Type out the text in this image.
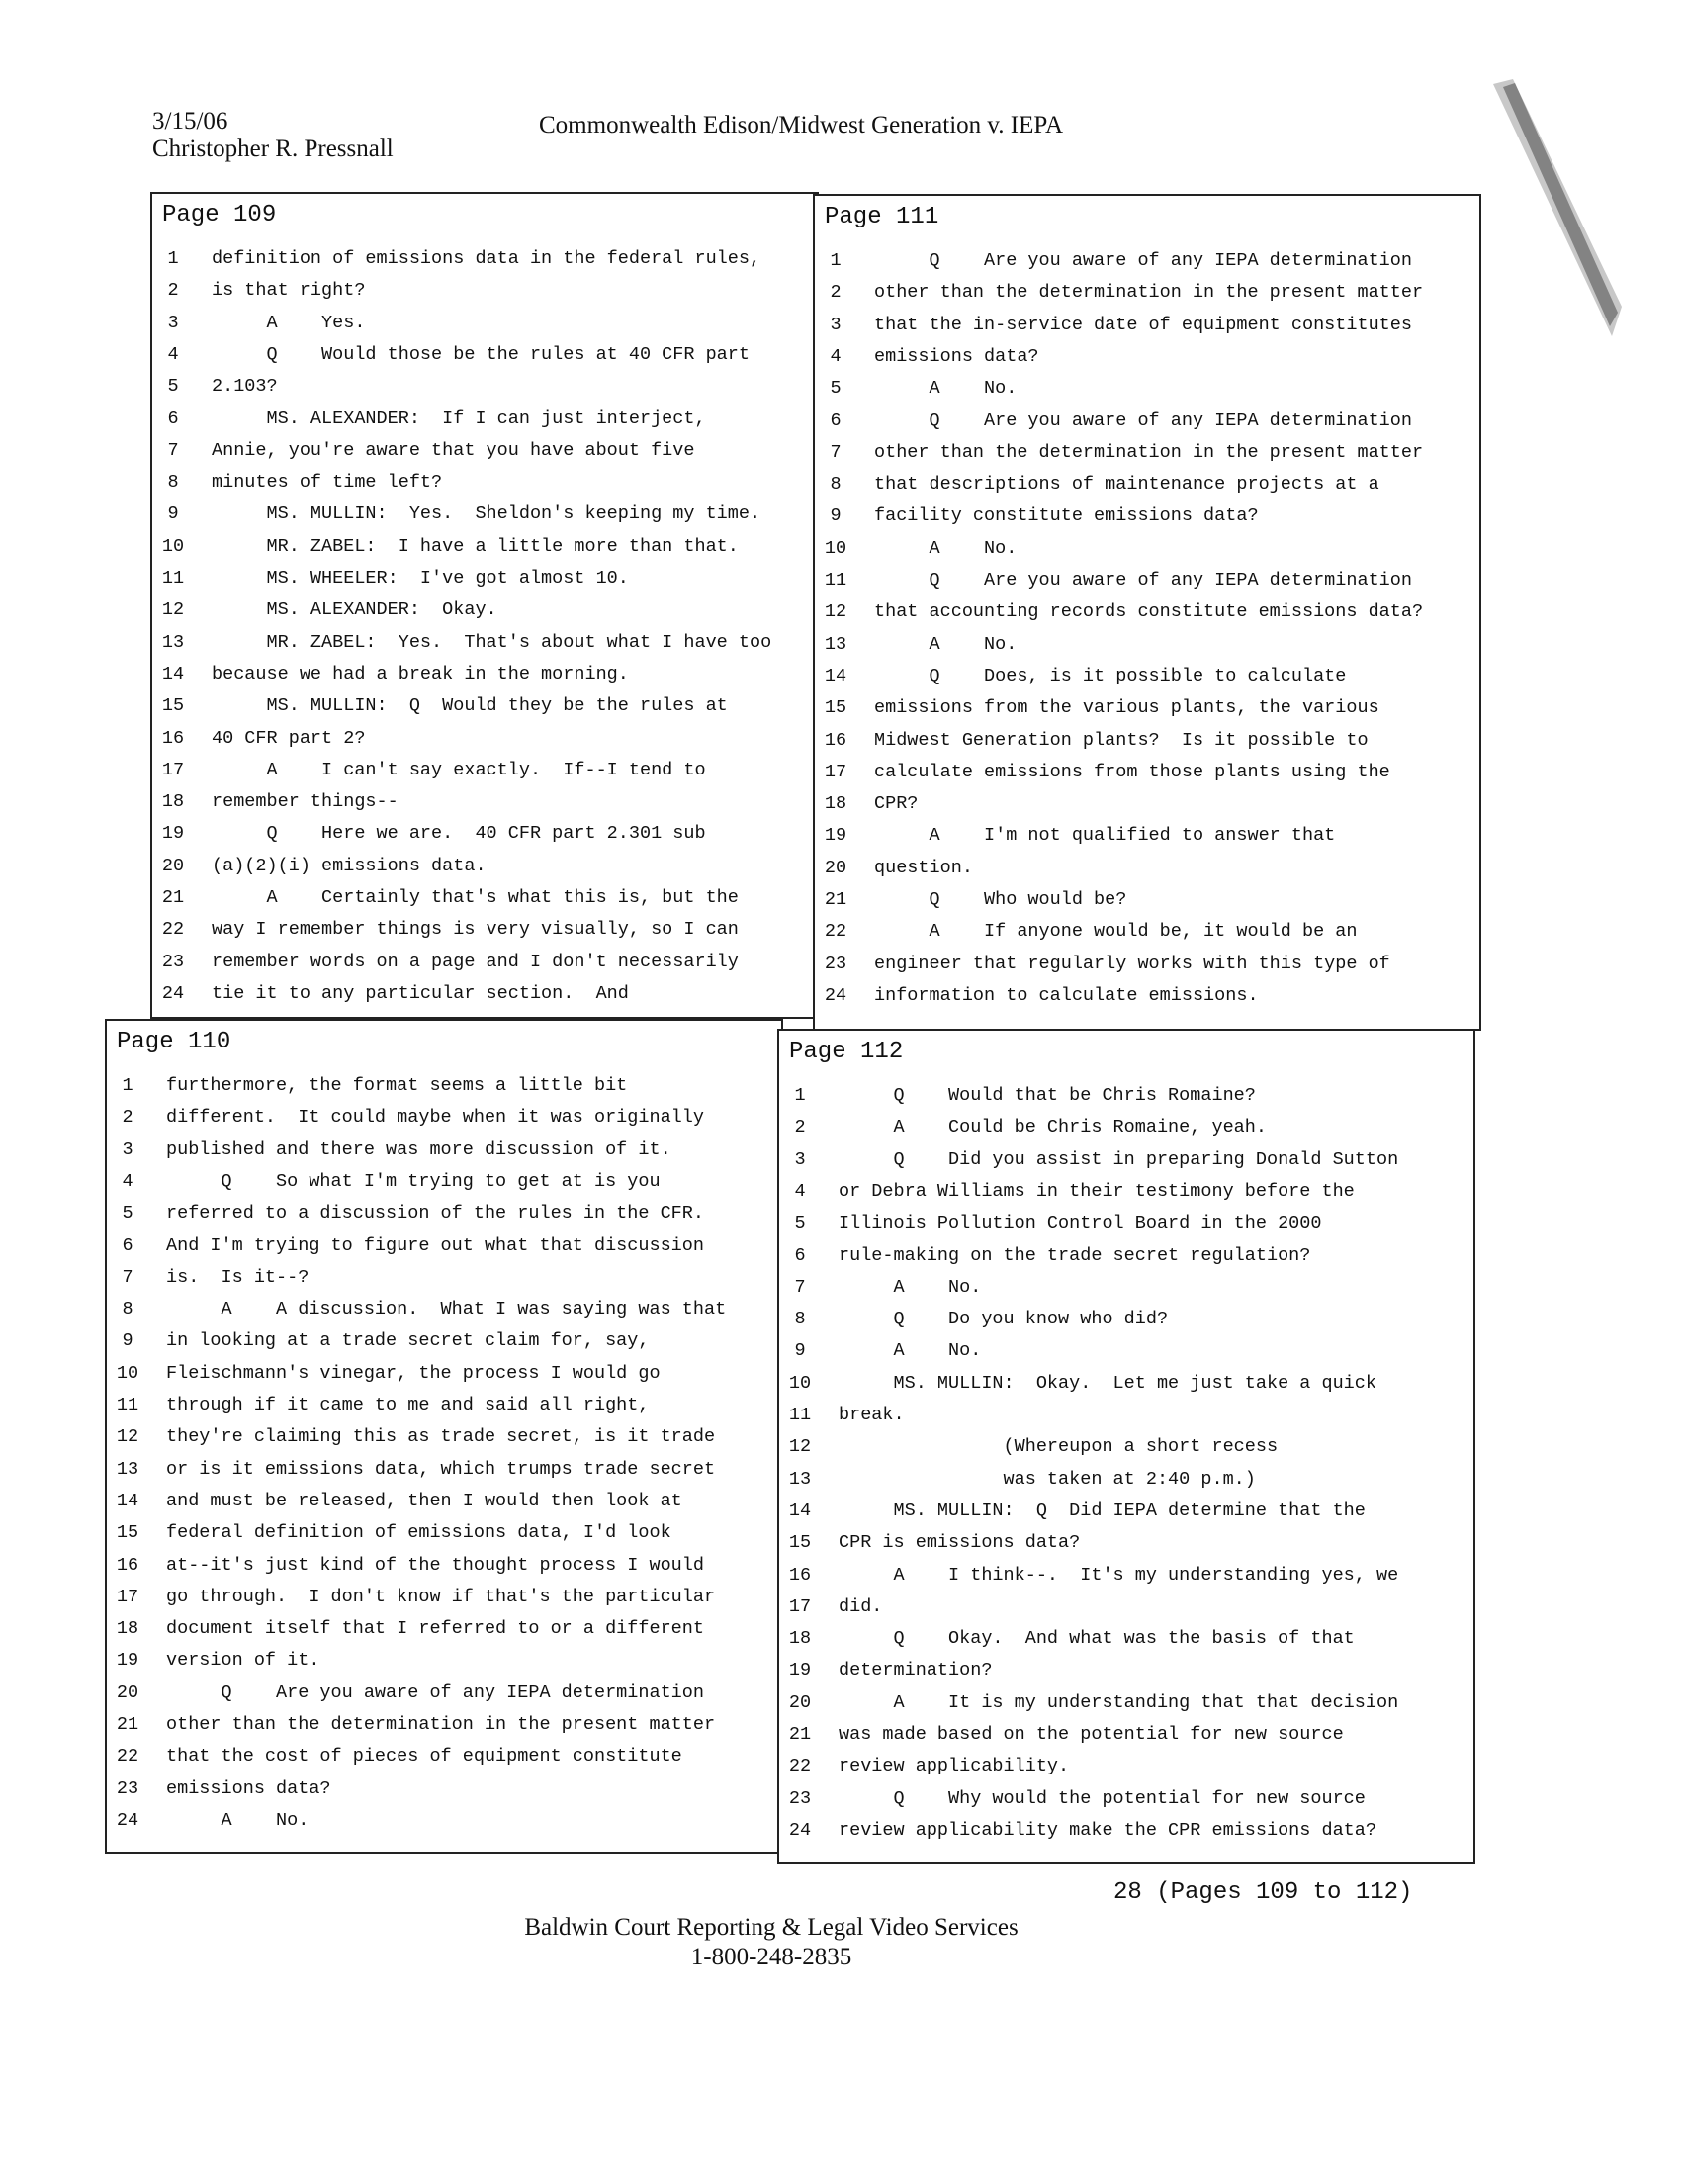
3/15/06
Christopher R. Pressnall
Commonwealth Edison/Midwest Generation v. IEPA
Page 109
1	definition of emissions data in the federal rules,
2	is that right?
3	A    Yes.
4	Q    Would those be the rules at 40 CFR part
5	2.103?
6	MS. ALEXANDER:  If I can just interject,
7	Annie, you're aware that you have about five
8	minutes of time left?
9	MS. MULLIN:  Yes.  Sheldon's keeping my time.
10	MR. ZABEL:  I have a little more than that.
11	MS. WHEELER:  I've got almost 10.
12	MS. ALEXANDER:  Okay.
13	MR. ZABEL:  Yes.  That's about what I have too
14	because we had a break in the morning.
15	MS. MULLIN:  Q  Would they be the rules at
16	40 CFR part 2?
17	A    I can't say exactly.  If--I tend to
18	remember things--
19	Q    Here we are.  40 CFR part 2.301 sub
20	(a)(2)(i) emissions data.
21	A    Certainly that's what this is, but the
22	way I remember things is very visually, so I can
23	remember words on a page and I don't necessarily
24	tie it to any particular section.  And
Page 111
1	Q    Are you aware of any IEPA determination
2	other than the determination in the present matter
3	that the in-service date of equipment constitutes
4	emissions data?
5	A    No.
6	Q    Are you aware of any IEPA determination
7	other than the determination in the present matter
8	that descriptions of maintenance projects at a
9	facility constitute emissions data?
10	A    No.
11	Q    Are you aware of any IEPA determination
12	that accounting records constitute emissions data?
13	A    No.
14	Q    Does, is it possible to calculate
15	emissions from the various plants, the various
16	Midwest Generation plants?  Is it possible to
17	calculate emissions from those plants using the
18	CPR?
19	A    I'm not qualified to answer that
20	question.
21	Q    Who would be?
22	A    If anyone would be, it would be an
23	engineer that regularly works with this type of
24	information to calculate emissions.
Page 110
1	furthermore, the format seems a little bit
2	different.  It could maybe when it was originally
3	published and there was more discussion of it.
4	Q    So what I'm trying to get at is you
5	referred to a discussion of the rules in the CFR.
6	And I'm trying to figure out what that discussion
7	is.  Is it--?
8	A    A discussion.  What I was saying was that
9	in looking at a trade secret claim for, say,
10	Fleischmann's vinegar, the process I would go
11	through if it came to me and said all right,
12	they're claiming this as trade secret, is it trade
13	or is it emissions data, which trumps trade secret
14	and must be released, then I would then look at
15	federal definition of emissions data, I'd look
16	at--it's just kind of the thought process I would
17	go through.  I don't know if that's the particular
18	document itself that I referred to or a different
19	version of it.
20	Q    Are you aware of any IEPA determination
21	other than the determination in the present matter
22	that the cost of pieces of equipment constitute
23	emissions data?
24	A    No.
Page 112
1	Q    Would that be Chris Romaine?
2	A    Could be Chris Romaine, yeah.
3	Q    Did you assist in preparing Donald Sutton
4	or Debra Williams in their testimony before the
5	Illinois Pollution Control Board in the 2000
6	rule-making on the trade secret regulation?
7	A    No.
8	Q    Do you know who did?
9	A    No.
10	MS. MULLIN:  Okay.  Let me just take a quick
11	break.
12	(Whereupon a short recess
13	was taken at 2:40 p.m.)
14	MS. MULLIN:  Q  Did IEPA determine that the
15	CPR is emissions data?
16	A    I think--.  It's my understanding yes, we
17	did.
18	Q    Okay.  And what was the basis of that
19	determination?
20	A    It is my understanding that that decision
21	was made based on the potential for new source
22	review applicability.
23	Q    Why would the potential for new source
24	review applicability make the CPR emissions data?
28 (Pages 109 to 112)
Baldwin Court Reporting & Legal Video Services
1-800-248-2835
